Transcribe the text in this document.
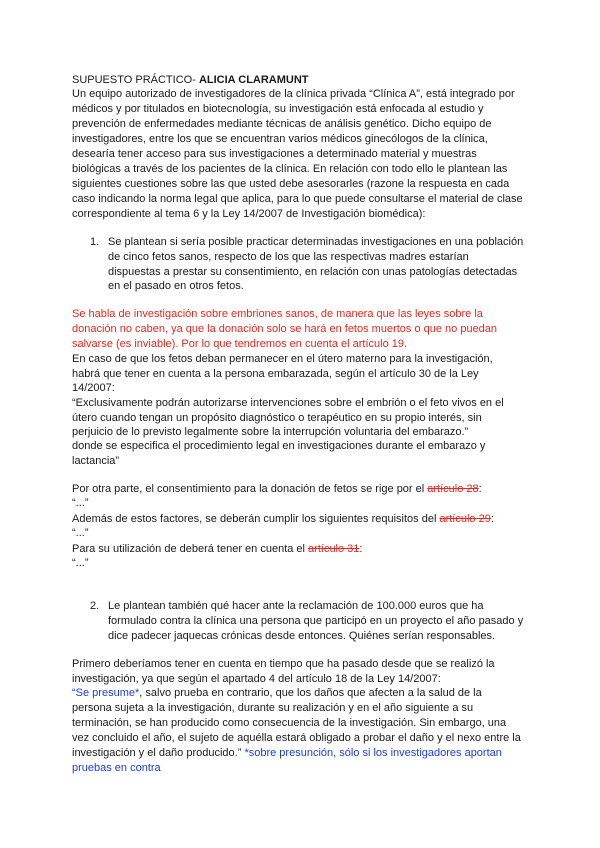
SUPUESTO PRÁCTICO- ALICIA CLARAMUNT
Un equipo autorizado de investigadores de la clínica privada “Clínica A”, está integrado por
médicos y por titulados en biotecnología, su investigación está enfocada al estudio y
prevención de enfermedades mediante técnicas de análisis genético. Dicho equipo de
investigadores, entre los que se encuentran varios médicos ginecólogos de la clínica,
desearía tener acceso para sus investigaciones a determinado material y muestras
biológicas a través de los pacientes de la clínica. En relación con todo ello le plantean las
siguientes cuestiones sobre las que usted debe asesorarles (razone la respuesta en cada
caso indicando la norma legal que aplica, para lo que puede consultarse el material de clase
correspondiente al tema 6 y la Ley 14/2007 de Investigación biomédica):
1. Se plantean si sería posible practicar determinadas investigaciones en una población
de cinco fetos sanos, respecto de los que las respectivas madres estarían
dispuestas a prestar su consentimiento, en relación con unas patologías detectadas
en el pasado en otros fetos.
Se habla de investigación sobre embriones sanos, de manera que las leyes sobre la
donación no caben, ya que la donación solo se hará en fetos muertos o que no puedan
salvarse (es inviable). Por lo que tendremos en cuenta el artículo 19.
En caso de que los fetos deban permanecer en el útero materno para la investigación,
habrá que tener en cuenta a la persona embarazada, según el artículo 30 de la Ley
14/2007:
“Exclusivamente podrán autorizarse intervenciones sobre el embrión o el feto vivos en el
útero cuando tengan un propósito diagnóstico o terapéutico en su propio interés, sin
perjuicio de lo previsto legalmente sobre la interrupción voluntaria del embarazo.”
donde se especifica el procedimiento legal en investigaciones durante el embarazo y
lactancia”
Por otra parte, el consentimiento para la donación de fetos se rige por el artículo 28:
“...”
Además de estos factores, se deberán cumplir los siguientes requisitos del artículo 29:
“...”
Para su utilización de deberá tener en cuenta el artículo 31:
“...”
2. Le plantean también qué hacer ante la reclamación de 100.000 euros que ha
formulado contra la clínica una persona que participó en un proyecto el año pasado y
dice padecer jaquecas crónicas desde entonces. Quiénes serían responsables.
Primero deberíamos tener en cuenta en tiempo que ha pasado desde que se realizó la
investigación, ya que según el apartado 4 del artículo 18 de la Ley 14/2007:
“Se presume*, salvo prueba en contrario, que los daños que afecten a la salud de la
persona sujeta a la investigación, durante su realización y en el año siguiente a su
terminación, se han producido como consecuencia de la investigación. Sin embargo, una
vez concluido el año, el sujeto de aquélla estará obligado a probar el daño y el nexo entre la
investigación y el daño producido.” *sobre presunción, sólo si los investigadores aportan
pruebas en contra
